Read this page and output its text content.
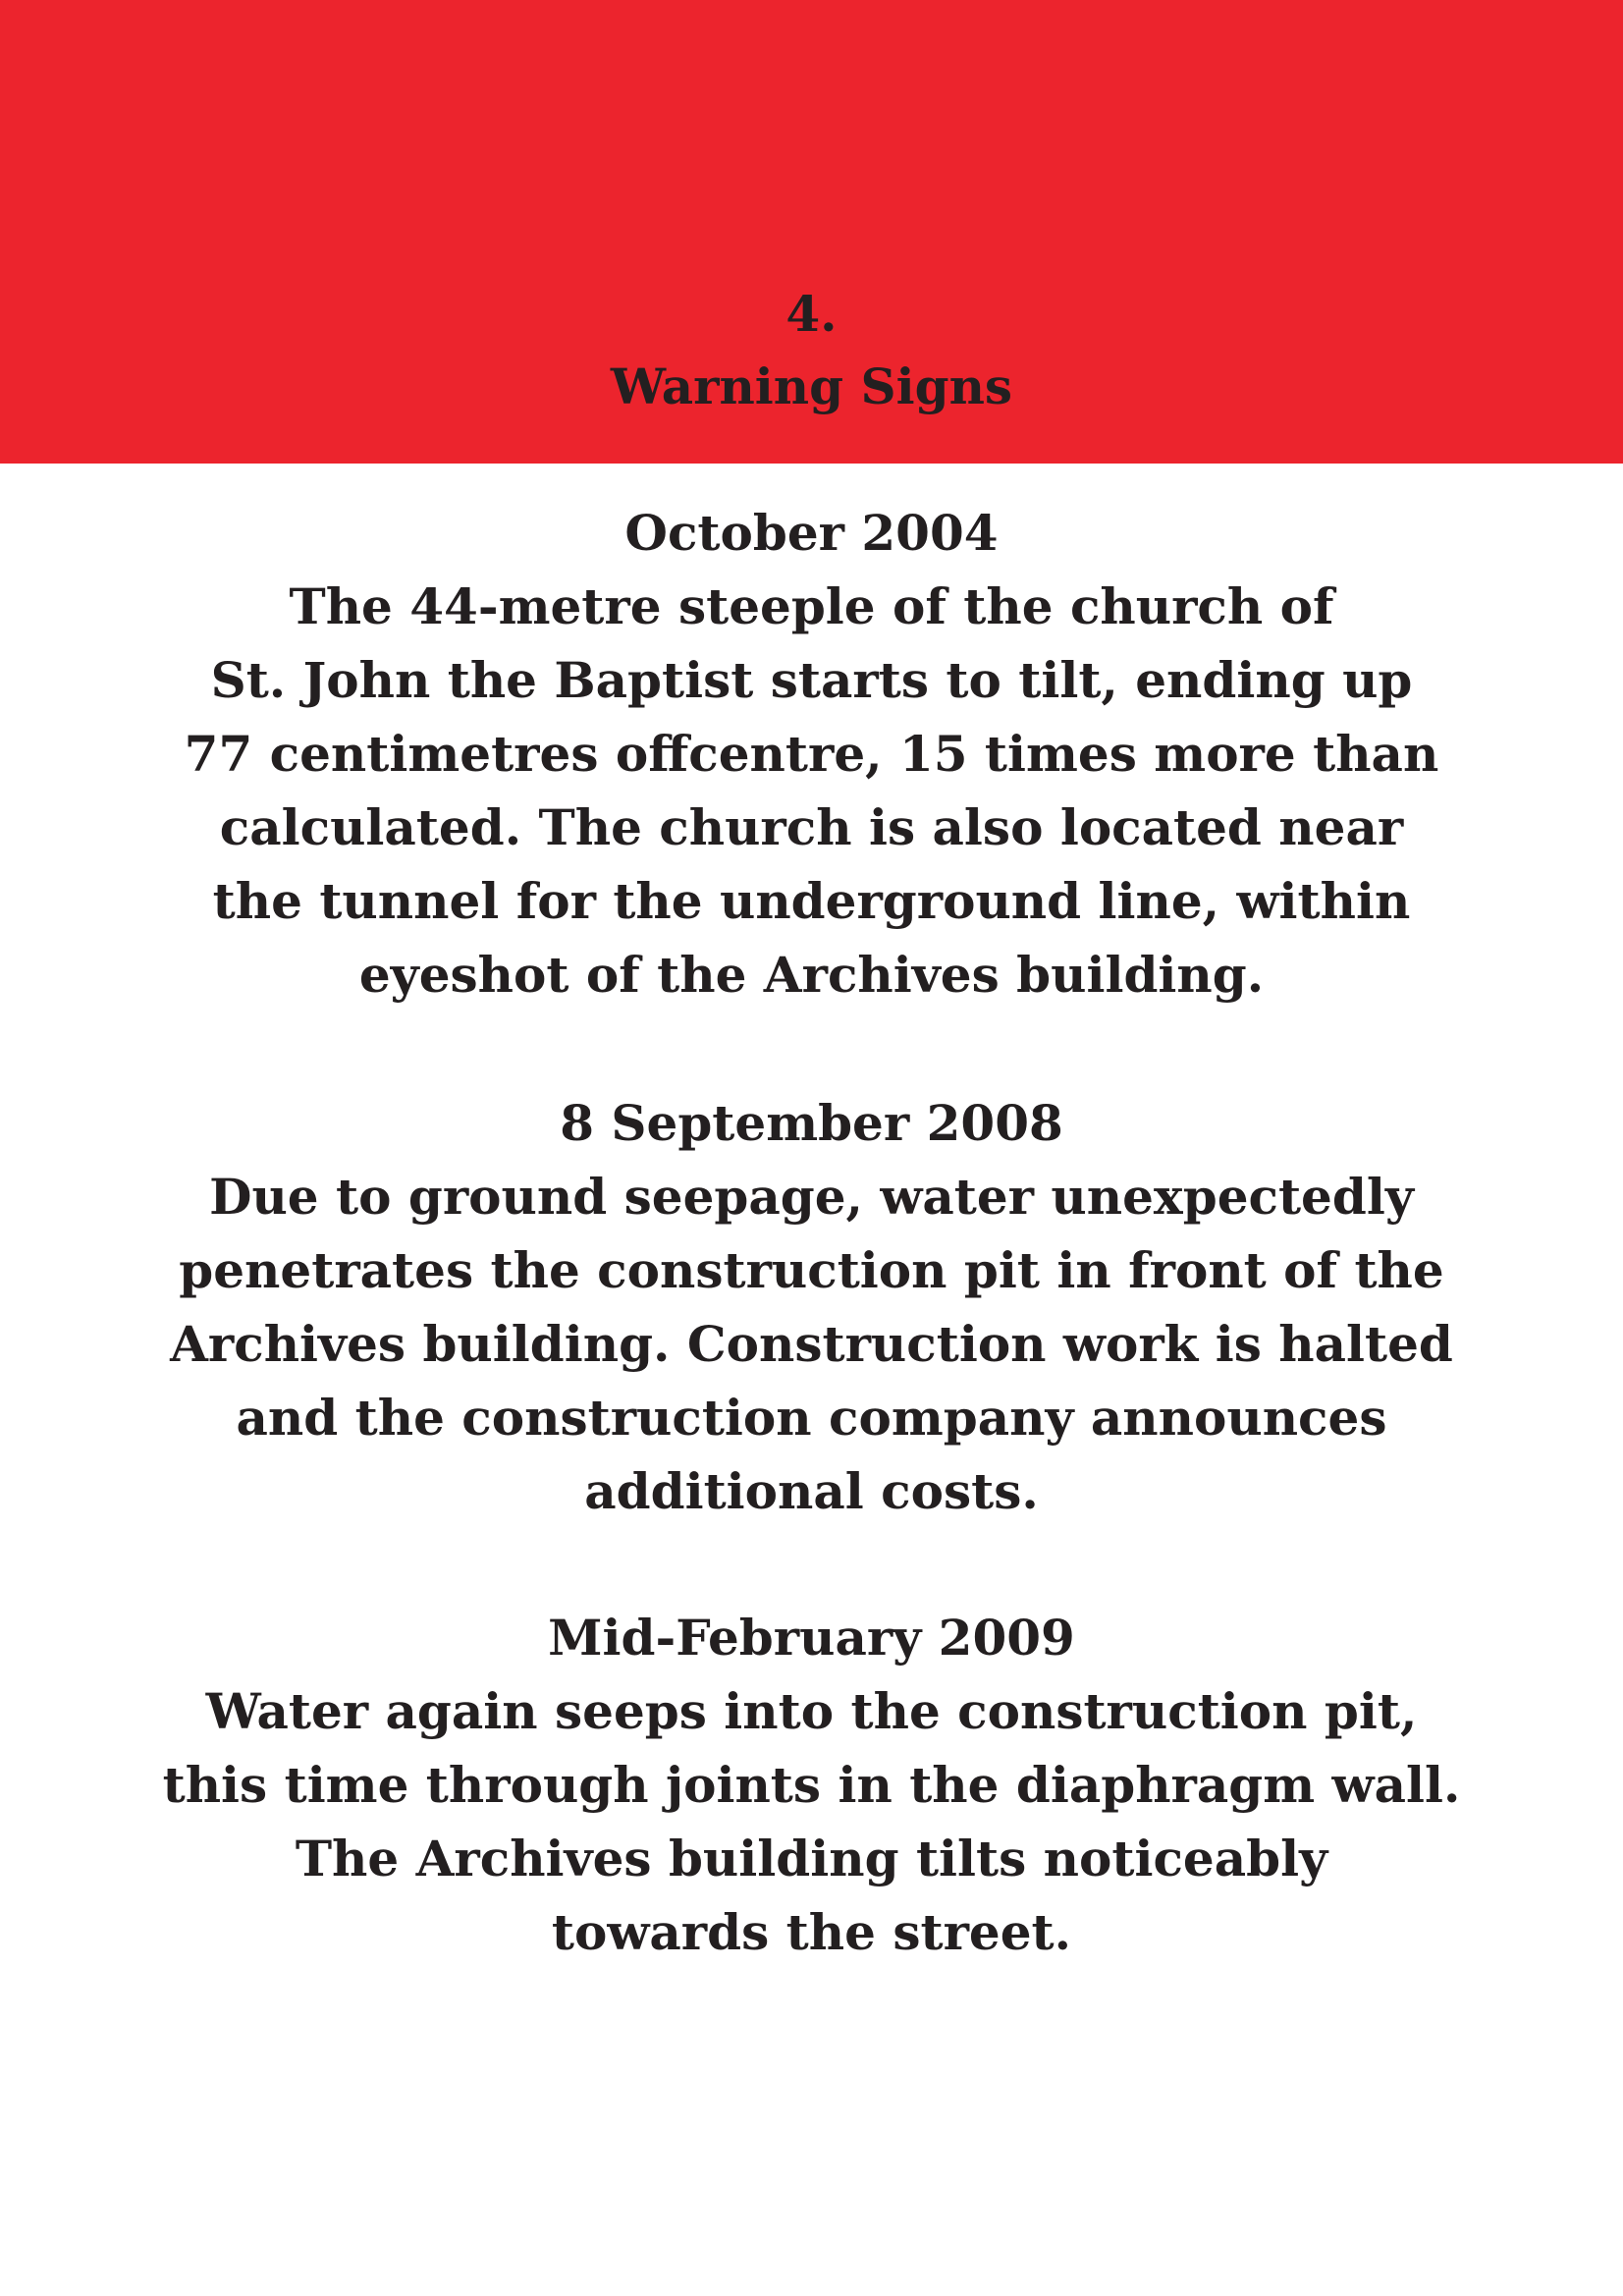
4.
Warning Signs
October 2004
The 44-metre steeple of the church of
St. John the Baptist starts to tilt, ending up
77 centimetres offcentre, 15 times more than
calculated. The church is also located near
the tunnel for the underground line, within
eyeshot of the Archives building.
8 September 2008
Due to ground seepage, water unexpectedly
penetrates the construction pit in front of the
Archives building. Construction work is halted
and the construction company announces
additional costs.
Mid-February 2009
Water again seeps into the construction pit,
this time through joints in the diaphragm wall.
The Archives building tilts noticeably
towards the street.
